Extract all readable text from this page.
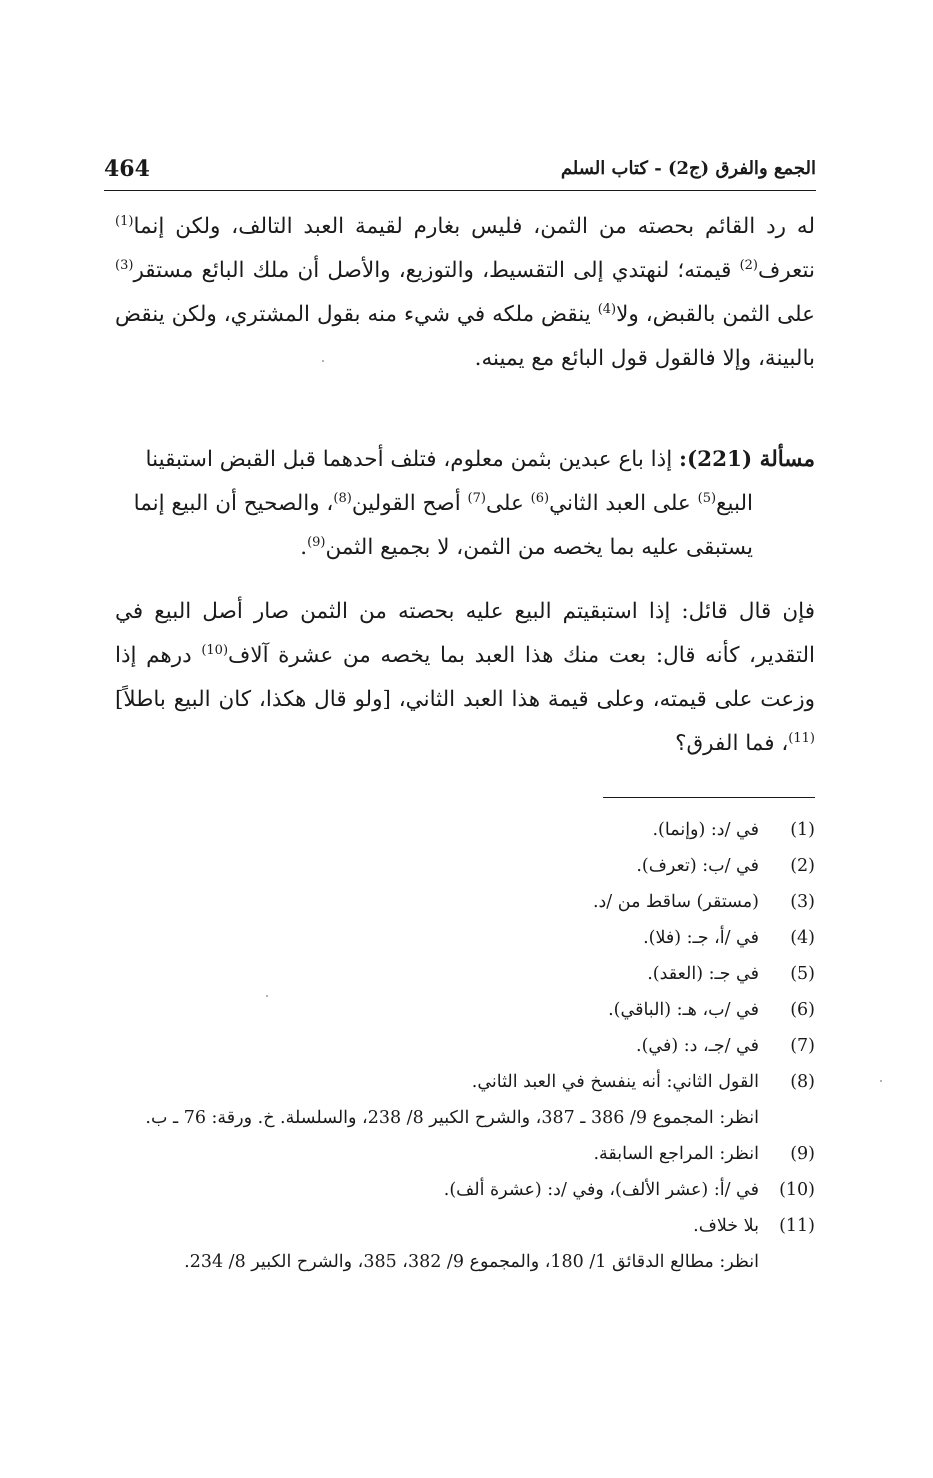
464	الجمع والفرق (ج2) - كتاب السلم
له رد القائم بحصته من الثمن، فليس بغارم لقيمة العبد التالف، ولكن إنما$^{(1)}$ نتعرف$^{(2)}$ قيمته؛ لنهتدي إلى التقسيط، والتوزيع، والأصل أن ملك البائع مستقر$^{(3)}$ على الثمن بالقبض، ولا$^{(4)}$ ينقض ملكه في شيء منه بقول المشتري، ولكن ينقض بالبينة، وإلا فالقول قول البائع مع يمينه.
مسألة (221): إذا باع عبدين بثمن معلوم، فتلف أحدهما قبل القبض استبقينا
البيع$^{(5)}$ على العبد الثاني$^{(6)}$ على$^{(7)}$ أصح القولين$^{(8)}$، والصحيح أن البيع إنما
يستبقى عليه بما يخصه من الثمن، لا بجميع الثمن$^{(9)}$.
فإن قال قائل: إذا استبقيتم البيع عليه بحصته من الثمن صار أصل البيع في التقدير، كأنه قال: بعت منك هذا العبد بما يخصه من عشرة آلاف$^{(10)}$ درهم إذا وزعت على قيمته، وعلى قيمة هذا العبد الثاني، [ولو قال هكذا، كان البيع باطلاً]$^{(11)}$، فما الفرق؟
(1)في /د: (وإنما).
(2)في /ب: (تعرف).
(3)(مستقر) ساقط من /د.
(4)في /أ، جـ: (فلا).
(5)في جـ: (العقد).
(6)في /ب، هـ: (الباقي).
(7)في /جـ، د: (في).
(8)القول الثاني: أنه ينفسخ في العبد الثاني.
انظر: المجموع 9/ 386 ـ 387، والشرح الكبير 8/ 238، والسلسلة. خ. ورقة: 76 ـ ب.
(9)انظر: المراجع السابقة.
(10)في /أ: (عشر الألف)، وفي /د: (عشرة ألف).
(11)بلا خلاف.
انظر: مطالع الدقائق 1/ 180، والمجموع 9/ 382، 385، والشرح الكبير 8/ 234.
